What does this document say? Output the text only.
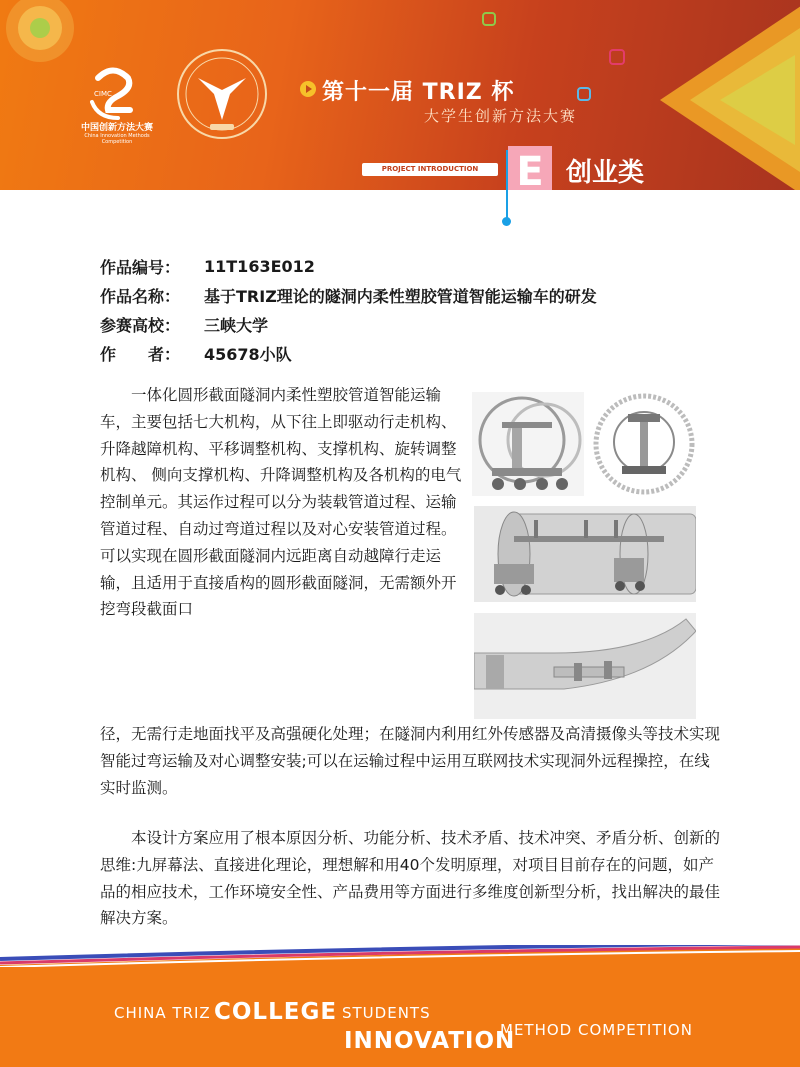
CIMC
中国创新方法大赛
China Innovation Methods Competition
第十一届 TRIZ 杯
大学生创新方法大赛
PROJECT INTRODUCTION E 创业类
作品编号：	11T163E012
作品名称：	基于TRIZ理论的隧洞内柔性塑胶管道智能运输车的研发
参赛高校：	三峡大学
作　　者：	45678小队
一体化圆形截面隧洞内柔性塑胶管道智能运输车，主要包括七大机构，从下往上即驱动行走机构、升降越障机构、平移调整机构、支撑机构、旋转调整机构、 侧向支撑机构、升降调整机构及各机构的电气控制单元。其运作过程可以分为装载管道过程、运输管道过程、自动过弯道过程以及对心安装管道过程。可以实现在圆形截面隧洞内远距离自动越障行走运输，且适用于直接盾构的圆形截面隧洞，无需额外开挖弯段截面口
径，无需行走地面找平及高强硬化处理；在隧洞内利用红外传感器及高清摄像头等技术实现智能过弯运输及对心调整安装;可以在运输过程中运用互联网技术实现洞外远程操控，在线实时监测。
本设计方案应用了根本原因分析、功能分析、技术矛盾、技术冲突、矛盾分析、创新的思维:九屏幕法、直接进化理论，理想解和用40个发明原理，对项目目前存在的问题，如产品的相应技术，工作环境安全性、产品费用等方面进行多维度创新型分析，找出解决的最佳解决方案。
CHINA TRIZ COLLEGE STUDENTS
INNOVATION
METHOD COMPETITION
